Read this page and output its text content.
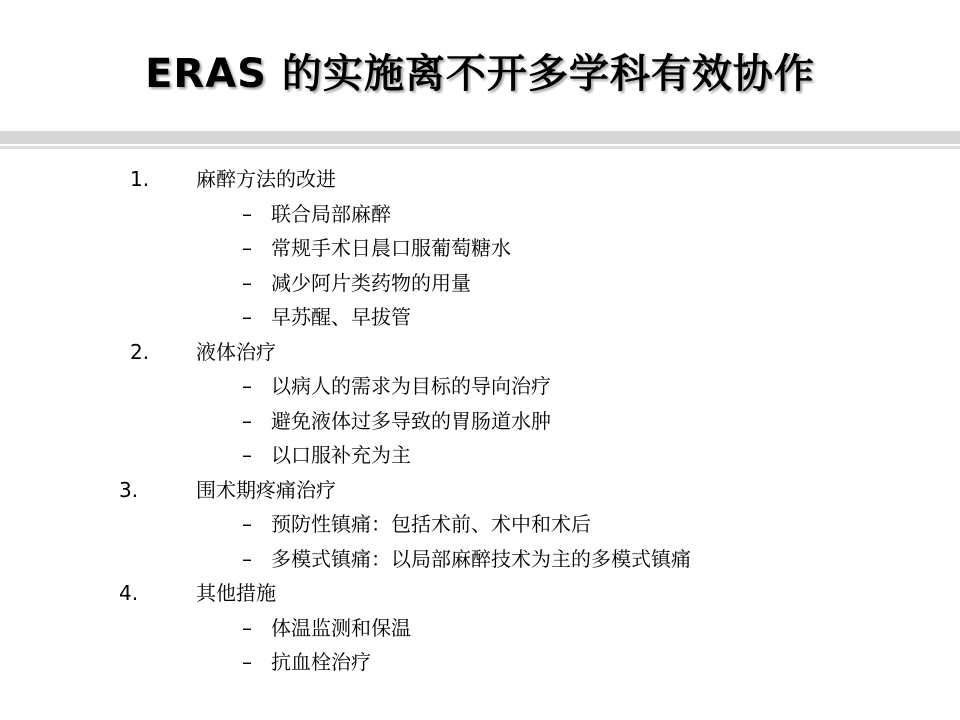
ERAS 的实施离不开多学科有效协作
1.	麻醉方法的改进
– 联合局部麻醉
– 常规手术日晨口服葡萄糖水
– 减少阿片类药物的用量
– 早苏醒、早拔管
2.	液体治疗
– 以病人的需求为目标的导向治疗
– 避免液体过多导致的胃肠道水肿
– 以口服补充为主
3.	围术期疼痛治疗
– 预防性镇痛：包括术前、术中和术后
– 多模式镇痛：以局部麻醉技术为主的多模式镇痛
4.	其他措施
– 体温监测和保温
– 抗血栓治疗
